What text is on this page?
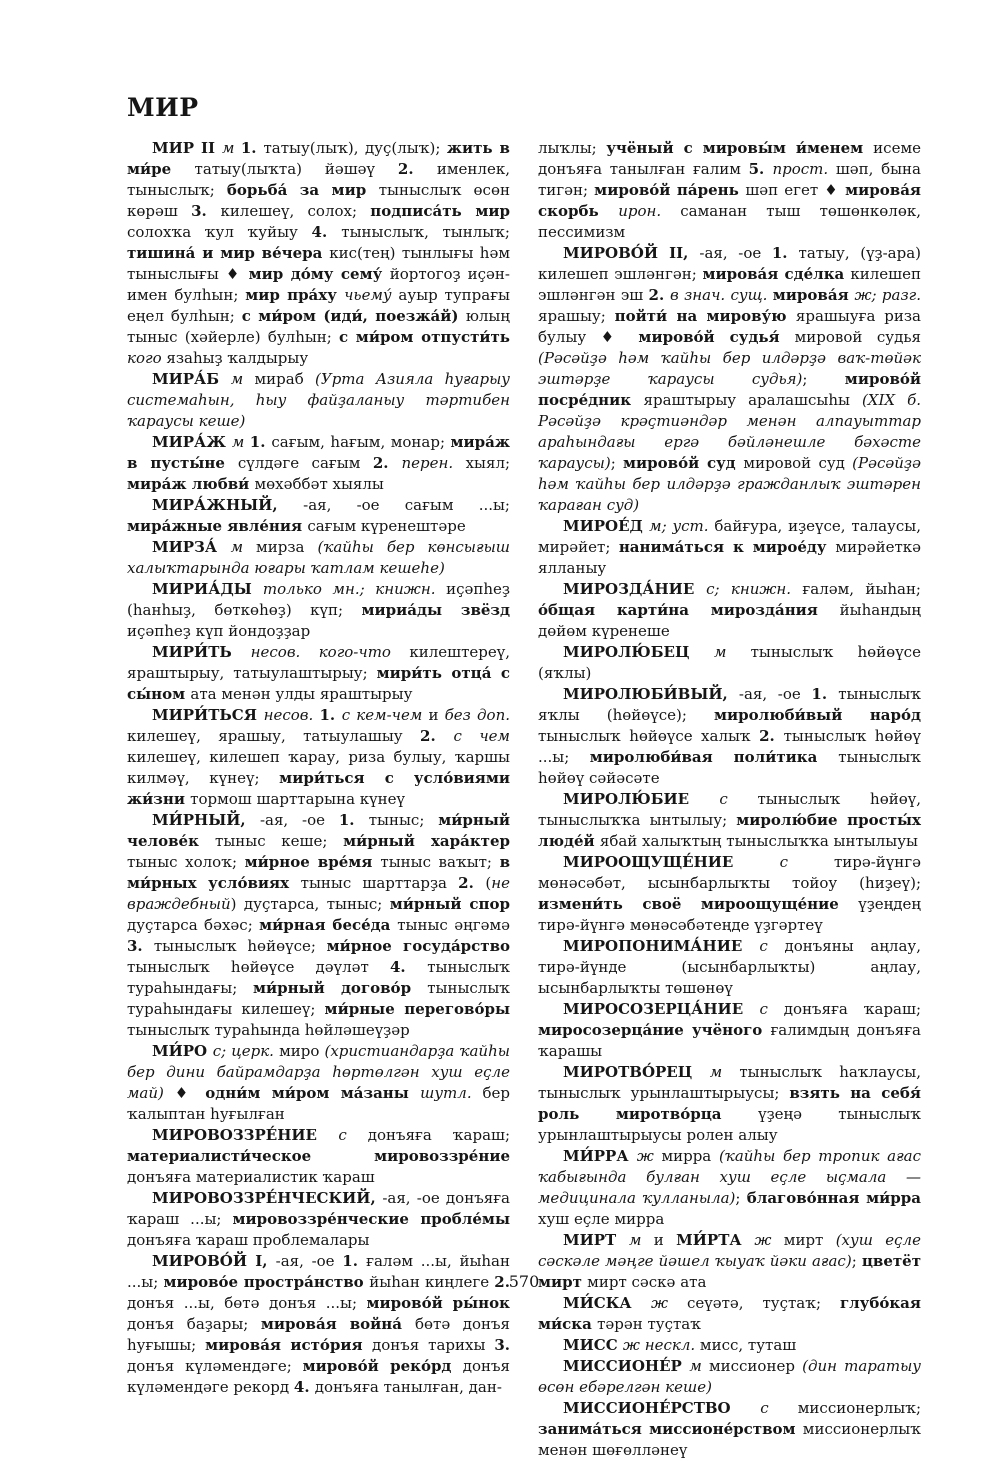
МИР

МИР II м 1. татыу(лыҡ), дуҫ(лыҡ); жить в ми́ре татыу(лыҡта) йәшәү 2. именлек, тыныслыҡ; борьба́ за мир тыныслыҡ өсөн көрәш 3. килешеү, солох; подписа́ть мир солохҡа ҡул ҡуйыу 4. тыныслыҡ, тынлыҡ; тишина́ и мир ве́чера кис(тең) тынлығы һәм тыныслығы ♦ мир до́му сему́ йортогоҙ иҫән-имен булһын; мир пра́ху чьему́ ауыр тупрағы еңел булһын; с ми́ром (иди́, поезжа́й) юлың тыныс (хәйерле) булһын; с ми́ром отпусти́ть кого язаһыҙ ҡалдырыу

МИРА́Б м мираб (Урта Азияла һуғарыу системаһын, һыу файҙаланыу тәртибен ҡараусы кеше)

МИРА́Ж м 1. сағым, һағым, монар; мира́ж в пусты́не сүлдәге сағым 2. перен. хыял; мира́ж любви́ мөхәббәт хыялы

МИРА́ЖНЫЙ, -ая, -ое сағым ...ы; мира́жные явле́ния сағым күренештәре

МИРЗА́ м мирза (ҡайһы бер көнсығыш халыҡтарында юғары ҡатлам кешеһе)

МИРИА́ДЫ только мн.; книжн. иҫәпһеҙ (һанһыҙ, бөткөһөҙ) күп; мириа́ды звёзд иҫәпһеҙ күп йондоҙҙар

МИРИ́ТЬ несов. кого-что килештереү, яраштырыу, татыулаштырыу; мири́ть отца́ с сы́ном ата менән улды яраштырыу

МИРИ́ТЬСЯ несов. 1. с кем-чем и без доп. килешеү, ярашыу, татыулашыу 2. с чем килешеү, килешеп ҡарау, риза булыу, ҡаршы килмәү, күнеү; мири́ться с усло́виями жи́зни тормош шарттарына күнеү

МИ́РНЫЙ, -ая, -ое 1. тыныс; ми́рный челове́к тыныс кеше; ми́рный хара́ктер тыныс холоҡ; ми́рное вре́мя тыныс ваҡыт; в ми́рных усло́виях тыныс шарттарҙа 2. (не враждебный) дуҫтарса, тыныс; ми́рный спор дуҫтарса бәхәс; ми́рная бесе́да тыныс әңгәмә 3. тыныслыҡ һөйөүсе; ми́рное госуда́рство тыныслыҡ һөйөүсе дәүләт 4. тыныслыҡ тураһындағы; ми́рный догово́р тыныслыҡ тураһындағы килешеү; ми́рные перегово́ры тыныслыҡ тураһында һөйләшеүҙәр

МИ́РО с; церк. миро (христиандарҙа ҡайһы бер дини байрамдарҙа һөртөлгән хуш еҫле май) ♦ одни́м ми́ром ма́заны шутл. бер ҡалыптан һуғылған

МИРОВОЗЗРЕ́НИЕ с донъяға ҡараш; материалисти́ческое мировоззре́ние донъяға материалистик ҡараш

МИРОВОЗЗРЕ́НЧЕСКИЙ, -ая, -ое донъяға ҡараш ...ы; мировоззре́нческие пробле́мы донъяға ҡараш проблемалары

МИРОВО́Й I, -ая, -ое 1. ғаләм ...ы, йыһан ...ы; мирово́е простра́нство йыһан киңлеге 2. донъя ...ы, бөтә донъя ...ы; мирово́й ры́нок донъя баҙары; мирова́я война́ бөтә донъя һуғышы; мирова́я исто́рия донъя тарихы 3. донъя күләмендәге; мирово́й реко́рд донъя күләмендәге рекорд 4. донъяға танылған, дан-

лыҡлы; учёный с мировы́м и́менем исеме донъяға танылған ғалим 5. прост. шәп, бына тигән; мирово́й па́рень шәп егет ♦ мирова́я скорбь ирон. саманан тыш төшөнкөлөк, пессимизм

МИРОВО́Й II, -ая, -ое 1. татыу, (үҙ-ара) килешеп эшләнгән; мирова́я сде́лка килешеп эшләнгән эш 2. в знач. сущ. мирова́я ж; разг. ярашыу; пойти́ на мирову́ю ярашыуға риза булыу ♦ мирово́й судья́ мировой судья (Рәсәйҙә һәм ҡайһы бер илдәрҙә ваҡ-төйәк эштәрҙе ҡараусы судья); мирово́й посре́дник яраштырыу аралашсыһы (XIX б. Рәсәйҙә крәҫтиәндәр менән алпауыттар араһындағы ергә бәйләнешле бәхәсте ҡараусы); мирово́й суд мировой суд (Рәсәйҙә һәм ҡайһы бер илдәрҙә гражданлыҡ эштәрен ҡараған суд)

МИРОЕ́Д м; уст. байғура, иҙеүсе, талаусы, мирәйет; нанима́ться к мирое́ду мирәйеткә ялланыу

МИРОЗДА́НИЕ с; книжн. ғаләм, йыһан; о́бщая карти́на мирозда́ния йыһандың дөйөм күренеше

МИРОЛЮ́БЕЦ м тыныслыҡ һөйөүсе (яҡлы)

МИРОЛЮБИ́ВЫЙ, -ая, -ое 1. тыныслыҡ яҡлы (һөйөүсе); миролюби́вый наро́д тыныслыҡ һөйөүсе халыҡ 2. тыныслыҡ һөйөү ...ы; миролюби́вая поли́тика тыныслыҡ һөйөү сәйәсәте

МИРОЛЮ́БИЕ с тыныслыҡ һөйөү, тыныслыҡҡа ынтылыу; миролю́бие просты́х люде́й ябай халыҡтың тыныслыҡҡа ынтылыуы

МИРООЩУЩЕ́НИЕ с тирә-йүнгә мөнәсәбәт, ысынбарлыҡты тойоу (һиҙеү); измени́ть своё мироощуще́ние үҙеңдең тирә-йүнгә мөнәсәбәтеңде үҙгәртеү

МИРОПОНИМА́НИЕ с донъяны аңлау, тирә-йүнде (ысынбарлыҡты) аңлау, ысынбарлыҡты төшөнөү

МИРОСОЗЕРЦА́НИЕ с донъяға ҡараш; миросозерца́ние учёного ғалимдың донъяға ҡарашы

МИРОТВО́РЕЦ м тыныслыҡ һаҡлаусы, тыныслыҡ урынлаштырыусы; взять на себя́ роль миротво́рца үҙеңә тыныслыҡ урынлаштырыусы ролен алыу

МИ́РРА ж мирра (ҡайһы бер тропик ағас ҡабығында булған хуш еҫле ыҫмала — медицинала ҡулланыла); благово́нная ми́рра хуш еҫле мирра

МИРТ м и МИ́РТА ж мирт (хуш еҫле сәскәле мәңге йәшел ҡыуаҡ йәки ағас); цветёт мирт мирт сәскә ата

МИ́СКА ж сеүәтә, туҫтаҡ; глубо́кая ми́ска тәрән туҫтаҡ

МИСС ж нескл. мисс, туташ

МИССИОНЕ́Р м миссионер (дин таратыу өсөн ебәрелгән кеше)

МИССИОНЕ́РСТВО с миссионерлыҡ; занима́ться миссионе́рством миссионерлыҡ менән шөғөлләнеү

570
